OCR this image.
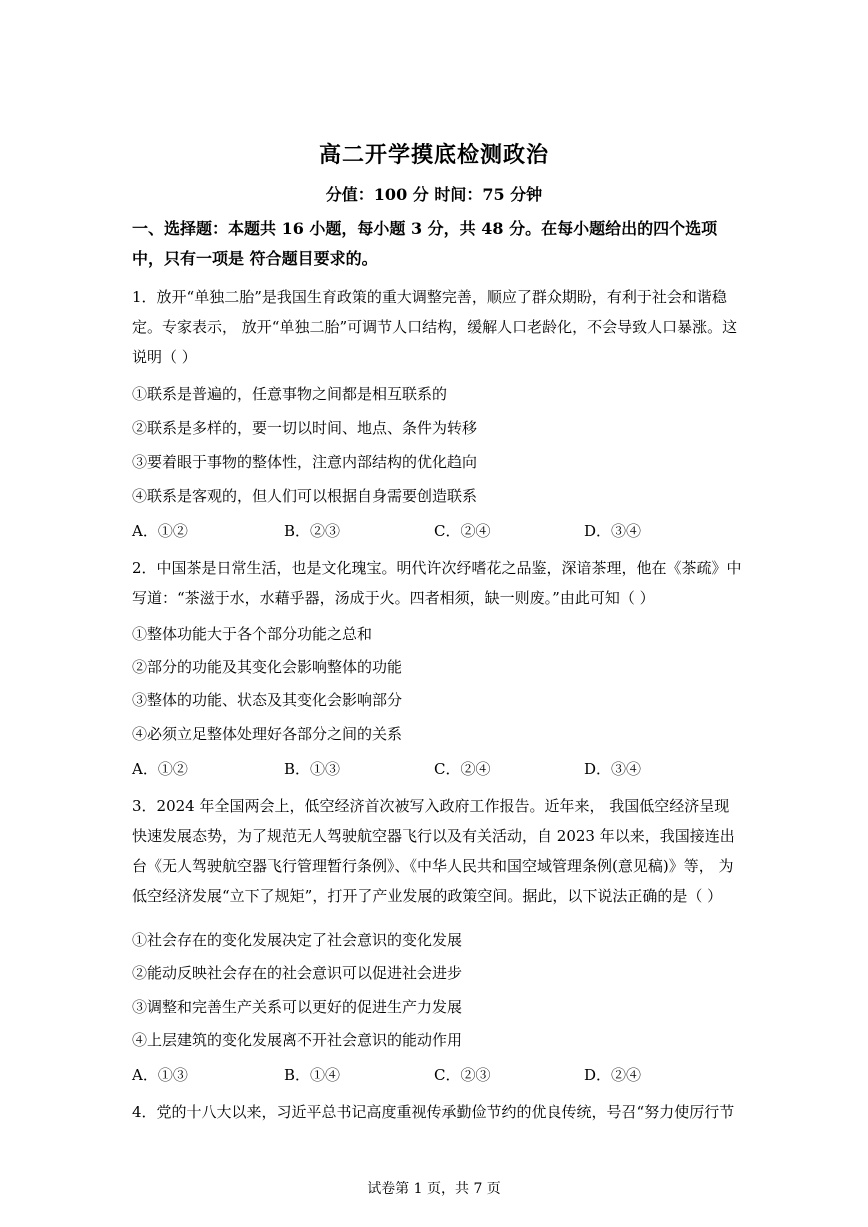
高二开学摸底检测政治
分值：100 分 时间：75 分钟
一、选择题：本题共 16 小题，每小题 3 分，共 48 分。在每小题给出的四个选项中，只有一项是 符合题目要求的。
1．放开“单独二胎”是我国生育政策的重大调整完善，顺应了群众期盼，有利于社会和谐稳定。专家表示， 放开“单独二胎”可调节人口结构，缓解人口老龄化，不会导致人口暴涨。这说明（ ）
①联系是普遍的，任意事物之间都是相互联系的
②联系是多样的，要一切以时间、地点、条件为转移
③要着眼于事物的整体性，注意内部结构的优化趋向
④联系是客观的，但人们可以根据自身需要创造联系
A．①②	B．②③	C．②④	D．③④
2．中国茶是日常生活，也是文化瑰宝。明代许次纾嗜花之品鉴，深谙茶理，他在《茶疏》中写道：“茶滋于水，水藉乎器，汤成于火。四者相须，缺一则废。”由此可知（ ）
①整体功能大于各个部分功能之总和
②部分的功能及其变化会影响整体的功能
③整体的功能、状态及其变化会影响部分
④必须立足整体处理好各部分之间的关系
A．①②	B．①③	C．②④	D．③④
3．2024 年全国两会上，低空经济首次被写入政府工作报告。近年来， 我国低空经济呈现快速发展态势，为了规范无人驾驶航空器飞行以及有关活动，自 2023 年以来，我国接连出台《无人驾驶航空器飞行管理暂行条例》、《中华人民共和国空域管理条例(意见稿)》等， 为低空经济发展“立下了规矩”，打开了产业发展的政策空间。据此，以下说法正确的是（ ）
①社会存在的变化发展决定了社会意识的变化发展
②能动反映社会存在的社会意识可以促进社会进步
③调整和完善生产关系可以更好的促进生产力发展
④上层建筑的变化发展离不开社会意识的能动作用
A．①③	B．①④	C．②③	D．②④
4．党的十八大以来，习近平总书记高度重视传承勤俭节约的优良传统，号召“努力使厉行节
试卷第 1 页，共 7 页
